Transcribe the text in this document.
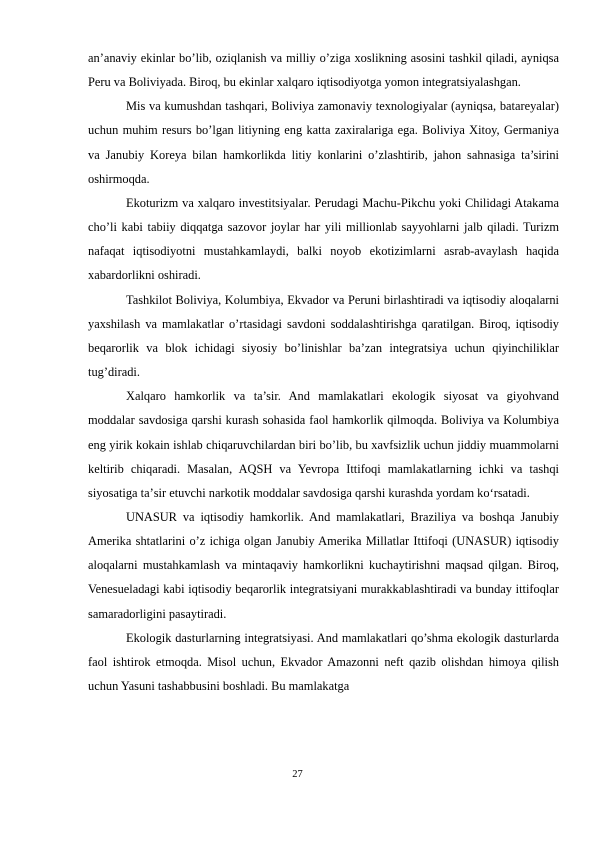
an’anaviy ekinlar bo’lib, oziqlanish va milliy o’ziga xoslikning asosini tashkil qiladi, ayniqsa Peru va Boliviyada. Biroq, bu ekinlar xalqaro iqtisodiyotga yomon integratsiyalashgan.

Mis va kumushdan tashqari, Boliviya zamonaviy texnologiyalar (ayniqsa, batareyalar) uchun muhim resurs bo’lgan litiyning eng katta zaxiralariga ega. Boliviya Xitoy, Germaniya va Janubiy Koreya bilan hamkorlikda litiy konlarini o’zlashtirib, jahon sahnasiga ta’sirini oshirmoqda.

Ekoturizm va xalqaro investitsiyalar. Perudagi Machu-Pikchu yoki Chilidagi Atakama cho’li kabi tabiiy diqqatga sazovor joylar har yili millionlab sayyohlarni jalb qiladi. Turizm nafaqat iqtisodiyotni mustahkamlaydi, balki noyob ekotizimlarni asrab-avaylash haqida xabardorlikni oshiradi.

Tashkilot Boliviya, Kolumbiya, Ekvador va Peruni birlashtiradi va iqtisodiy aloqalarni yaxshilash va mamlakatlar o’rtasidagi savdoni soddalashtirishga qaratilgan. Biroq, iqtisodiy beqarorlik va blok ichidagi siyosiy bo’linishlar ba’zan integratsiya uchun qiyinchiliklar tug’diradi.

Xalqaro hamkorlik va ta’sir. And mamlakatlari ekologik siyosat va giyohvand moddalar savdosiga qarshi kurash sohasida faol hamkorlik qilmoqda. Boliviya va Kolumbiya eng yirik kokain ishlab chiqaruvchilardan biri bo’lib, bu xavfsizlik uchun jiddiy muammolarni keltirib chiqaradi. Masalan, AQSH va Yevropa Ittifoqi mamlakatlarning ichki va tashqi siyosatiga taʼsir etuvchi narkotik moddalar savdosiga qarshi kurashda yordam koʻrsatadi.

UNASUR va iqtisodiy hamkorlik. And mamlakatlari, Braziliya va boshqa Janubiy Amerika shtatlarini o’z ichiga olgan Janubiy Amerika Millatlar Ittifoqi (UNASUR) iqtisodiy aloqalarni mustahkamlash va mintaqaviy hamkorlikni kuchaytirishni maqsad qilgan. Biroq, Venesueladagi kabi iqtisodiy beqarorlik integratsiyani murakkablashtiradi va bunday ittifoqlar samaradorligini pasaytiradi.

Ekologik dasturlarning integratsiyasi. And mamlakatlari qo’shma ekologik dasturlarda faol ishtirok etmoqda. Misol uchun, Ekvador Amazonni neft qazib olishdan himoya qilish uchun Yasuni tashabbusini boshladi. Bu mamlakatga

27
